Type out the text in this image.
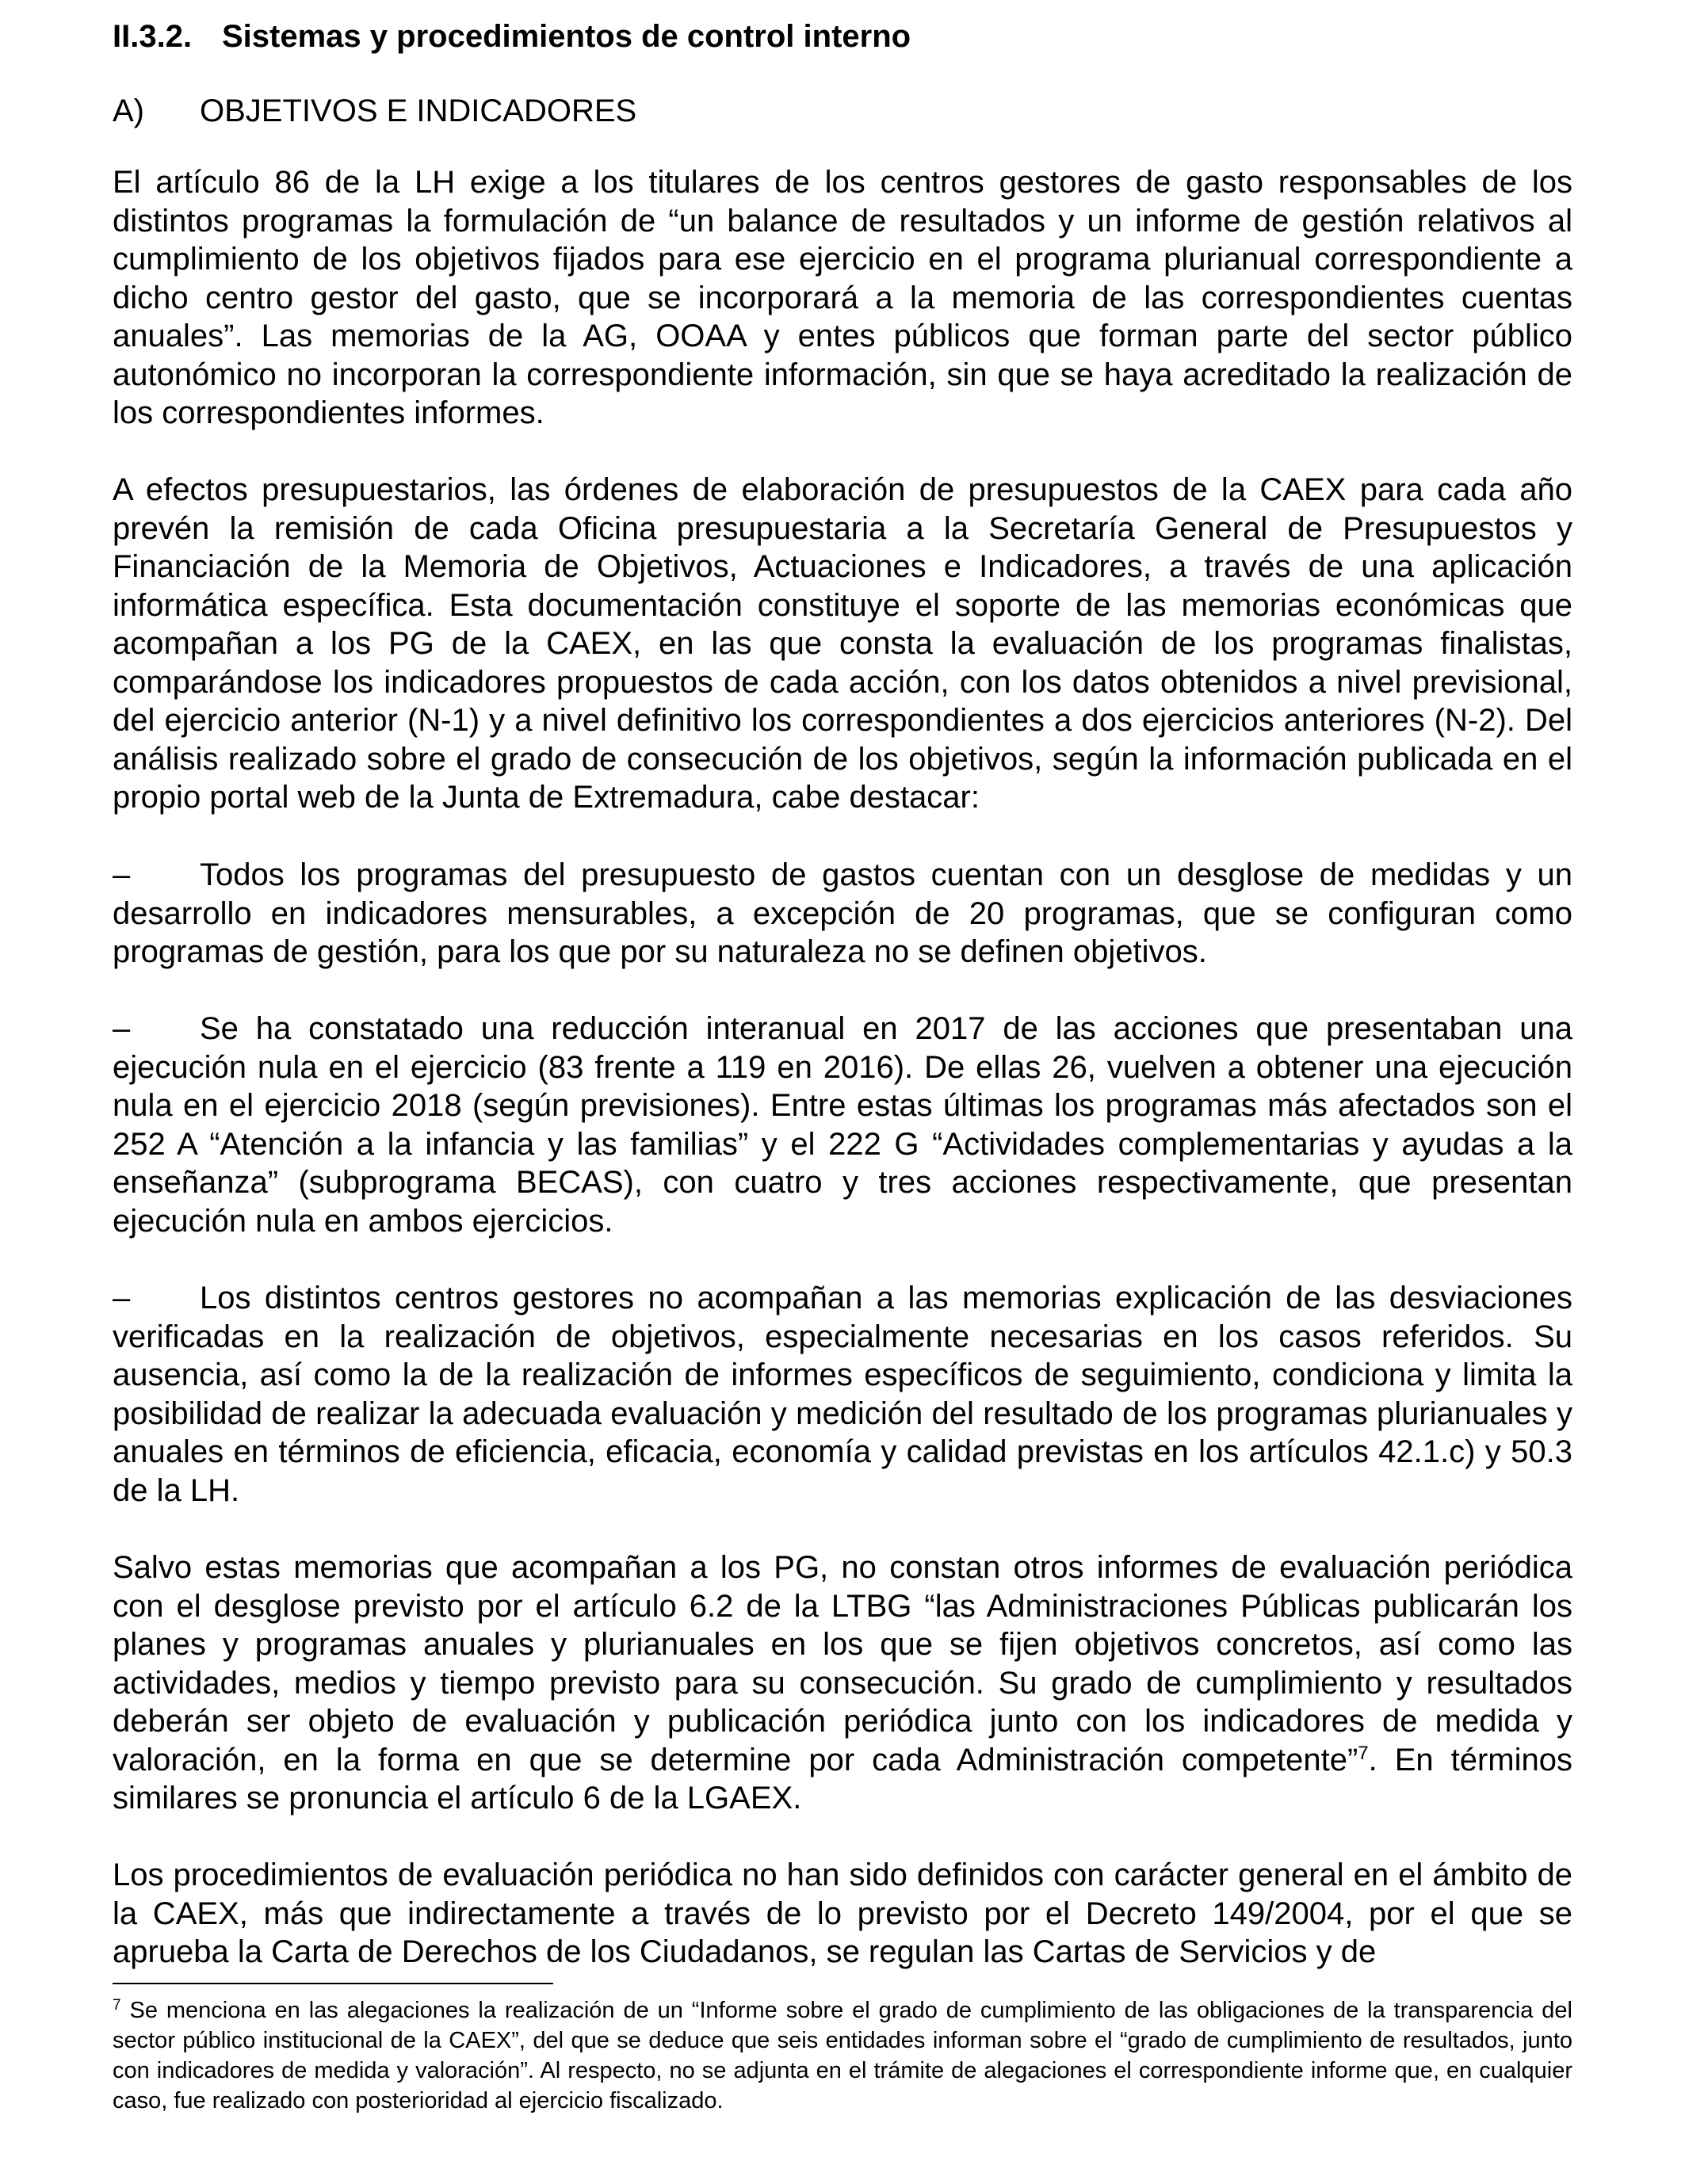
II.3.2. Sistemas y procedimientos de control interno
A) OBJETIVOS E INDICADORES

El artículo 86 de la LH exige a los titulares de los centros gestores de gasto responsables de los distintos programas la formulación de “un balance de resultados y un informe de gestión relativos al cumplimiento de los objetivos fijados para ese ejercicio en el programa plurianual correspondiente a dicho centro gestor del gasto, que se incorporará a la memoria de las correspondientes cuentas anuales”. Las memorias de la AG, OOAA y entes públicos que forman parte del sector público autonómico no incorporan la correspondiente información, sin que se haya acreditado la realización de los correspondientes informes.

A efectos presupuestarios, las órdenes de elaboración de presupuestos de la CAEX para cada año prevén la remisión de cada Oficina presupuestaria a la Secretaría General de Presupuestos y Financiación de la Memoria de Objetivos, Actuaciones e Indicadores, a través de una aplicación informática específica. Esta documentación constituye el soporte de las memorias económicas que acompañan a los PG de la CAEX, en las que consta la evaluación de los programas finalistas, comparándose los indicadores propuestos de cada acción, con los datos obtenidos a nivel previsional, del ejercicio anterior (N-1) y a nivel definitivo los correspondientes a dos ejercicios anteriores (N-2). Del análisis realizado sobre el grado de consecución de los objetivos, según la información publicada en el propio portal web de la Junta de Extremadura, cabe destacar:

– Todos los programas del presupuesto de gastos cuentan con un desglose de medidas y un desarrollo en indicadores mensurables, a excepción de 20 programas, que se configuran como programas de gestión, para los que por su naturaleza no se definen objetivos.

– Se ha constatado una reducción interanual en 2017 de las acciones que presentaban una ejecución nula en el ejercicio (83 frente a 119 en 2016). De ellas 26, vuelven a obtener una ejecución nula en el ejercicio 2018 (según previsiones). Entre estas últimas los programas más afectados son el 252 A “Atención a la infancia y las familias” y el 222 G “Actividades complementarias y ayudas a la enseñanza” (subprograma BECAS), con cuatro y tres acciones respectivamente, que presentan ejecución nula en ambos ejercicios.

– Los distintos centros gestores no acompañan a las memorias explicación de las desviaciones verificadas en la realización de objetivos, especialmente necesarias en los casos referidos. Su ausencia, así como la de la realización de informes específicos de seguimiento, condiciona y limita la posibilidad de realizar la adecuada evaluación y medición del resultado de los programas plurianuales y anuales en términos de eficiencia, eficacia, economía y calidad previstas en los artículos 42.1.c) y 50.3 de la LH.

Salvo estas memorias que acompañan a los PG, no constan otros informes de evaluación periódica con el desglose previsto por el artículo 6.2 de la LTBG “las Administraciones Públicas publicarán los planes y programas anuales y plurianuales en los que se fijen objetivos concretos, así como las actividades, medios y tiempo previsto para su consecución. Su grado de cumplimiento y resultados deberán ser objeto de evaluación y publicación periódica junto con los indicadores de medida y valoración, en la forma en que se determine por cada Administración competente”$^7$. En términos similares se pronuncia el artículo 6 de la LGAEX.

Los procedimientos de evaluación periódica no han sido definidos con carácter general en el ámbito de la CAEX, más que indirectamente a través de lo previsto por el Decreto 149/2004, por el que se aprueba la Carta de Derechos de los Ciudadanos, se regulan las Cartas de Servicios y de

$^7$ Se menciona en las alegaciones la realización de un “Informe sobre el grado de cumplimiento de las obligaciones de la transparencia del sector público institucional de la CAEX”, del que se deduce que seis entidades informan sobre el “grado de cumplimiento de resultados, junto con indicadores de medida y valoración”. Al respecto, no se adjunta en el trámite de alegaciones el correspondiente informe que, en cualquier caso, fue realizado con posterioridad al ejercicio fiscalizado.
